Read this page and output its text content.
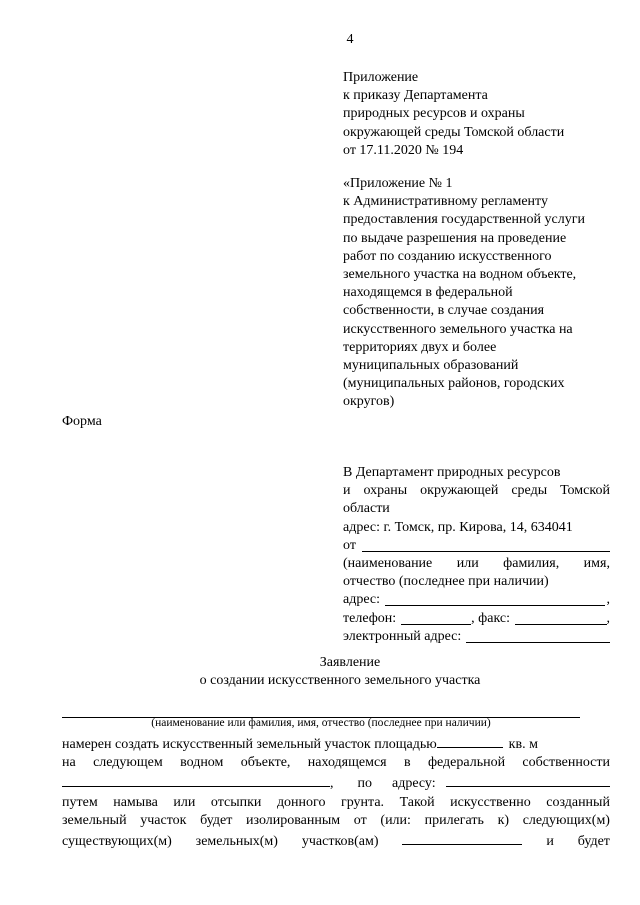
4
Приложение
к приказу Департамента
природных ресурсов и охраны
окружающей среды Томской области
от 17.11.2020 № 194
«Приложение № 1
к Административному регламенту
предоставления государственной услуги
по выдаче разрешения на проведение
работ по созданию искусственного
земельного участка на водном объекте,
находящемся в федеральной
собственности, в случае создания
искусственного земельного участка на
территориях двух и более
муниципальных образований
(муниципальных районов, городских
округов)
Форма
В Департамент природных ресурсов
и охраны окружающей среды Томской
области
адрес: г. Томск, пр. Кирова, 14, 634041
от
(наименование или фамилия, имя,
отчество (последнее при наличии)
адрес:	,
телефон:	, факс:	,
электронный адрес:
Заявление
о создании искусственного земельного участка
(наименование или фамилия, имя, отчество (последнее при наличии)
намерен создать искусственный земельный участок площадью	кв. м
на следующем водном объекте, находящемся в федеральной собственности
, по адресу:
путем намыва или отсыпки донного грунта. Такой искусственно созданный
земельный участок будет изолированным от (или: прилегать к) следующих(м)
существующих(м) земельных(м) участков(ам)	и будет
